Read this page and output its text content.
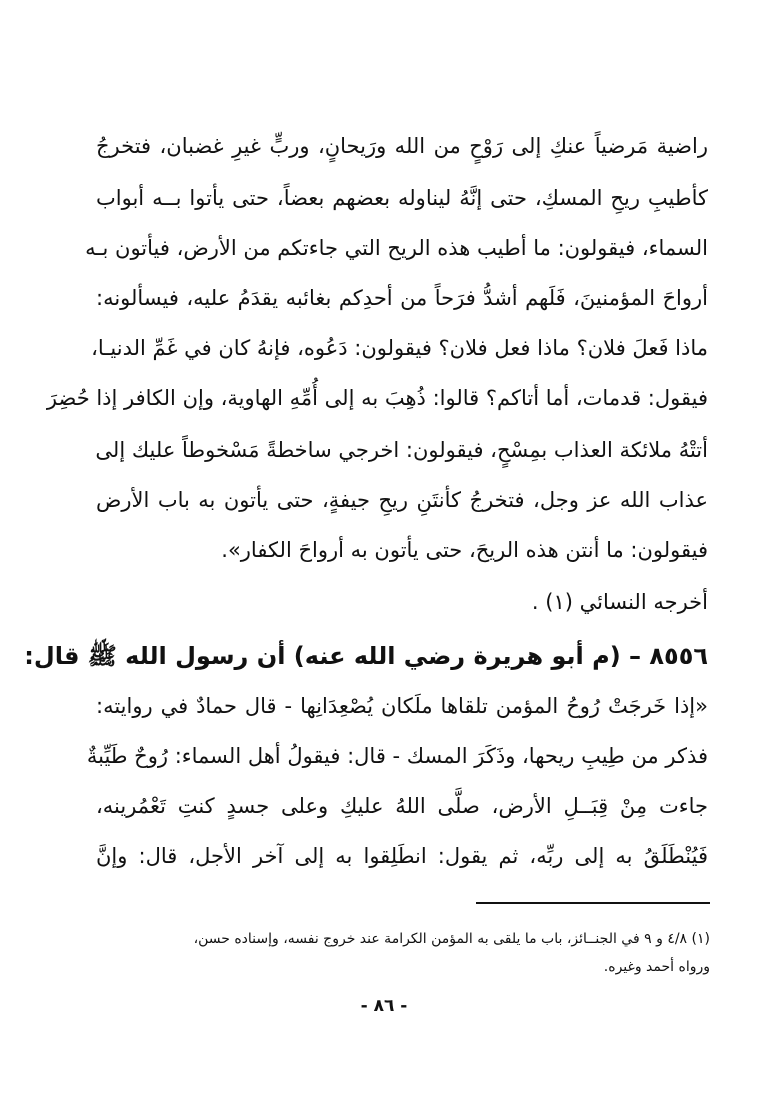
راضية مَرضياً عنكِ إلى رَوْحٍ من الله ورَيحانٍ، وربٍّ غيرِ غضبان، فتخرجُ
كأطيبِ ريحِ المسكِ، حتى إنَّهُ ليناوله بعضهم بعضاً، حتى يأتوا بــه أبواب
السماء، فيقولون: ما أطيب هذه الريح التي جاءتكم من الأرض، فيأتون بـه
أرواحَ المؤمنينَ، فَلَهم أشدُّ فرَحاً من أحدِكم بغائبه يقدَمُ عليه، فيسألونه:
ماذا فَعلَ فلان؟ ماذا فعل فلان؟ فيقولون: دَعُوه، فإنهُ كان في غَمِّ الدنيـا،
فيقول: قدمات، أما أتاكم؟ قالوا: ذُهِبَ به إلى أُمِّهِ الهاوية، وإن الكافر إذا حُضِرَ
أتتْهُ ملائكة العذاب بمِسْحٍ، فيقولون: اخرجي ساخطةً مَسْخوطاً عليك إلى
عذاب الله عز وجل، فتخرجُ كأنتَنِ ريحِ جيفةٍ، حتى يأتون به باب الأرض
فيقولون: ما أنتن هذه الريحَ، حتى يأتون به أرواحَ الكفار».
أخرجه النسائي (١) .
٨٥٥٦ – (م أبو هريرة رضي الله عنه) أن رسول الله ﷺ قال:
«إذا خَرجَتْ رُوحُ المؤمن تلقاها ملَكان يُصْعِدَانِها - قال حمادٌ في روايته:
فذكر من طِيبِ ريحها، وذَكَرَ المسك - قال: فيقولُ أهل السماء: رُوحٌ طَيِّبةٌ
جاءت مِنْ قِبَــلِ الأرض، صلَّى اللهُ عليكِ وعلى جسدٍ كنتِ تَعْمُرينه،
فَيُنْطَلَقُ به إلى ربِّه، ثم يقول: انطَلِقوا به إلى آخر الأجل، قال: وإنَّ
(١) ٤/٨ و ٩ في الجنــائز، باب ما يلقى به المؤمن الكرامة عند خروج نفسه، وإسناده حسن،
ورواه أحمد وغيره.
- ٨٦ -
